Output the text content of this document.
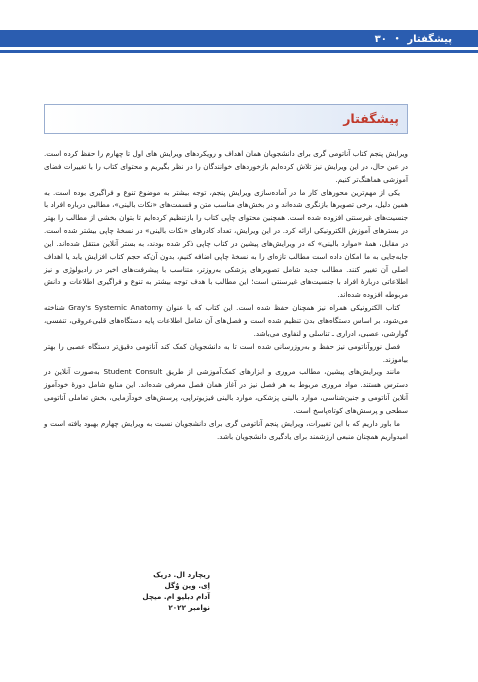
پیشگفتار
•
۳۰
پیشگفتار

ویرایش پنجم کتاب آناتومی گری برای دانشجویان همان اهداف و رویکردهای ویرایش های اول تا چهارم را حفظ کرده است. در عین حال، در این ویرایش نیز تلاش کرده‌ایم بازخوردهای خوانندگان را در نظر بگیریم و محتوای کتاب را با تغییرات فضای آموزشی هماهنگ‌تر کنیم.

یکی از مهم‌ترین محورهای کار ما در آماده‌سازی ویرایش پنجم، توجه بیشتر به موضوع تنوع و فراگیری بوده است. به همین دلیل، برخی تصویرها بازنگری شده‌اند و در بخش‌های مناسب متن و قسمت‌های «نکات بالینی»، مطالبی درباره افراد با جنسیت‌های غیرسنتی افزوده شده است. همچنین محتوای چاپی کتاب را بازتنظیم کرده‌ایم تا بتوان بخشی از مطالب را بهتر در بسترهای آموزش الکترونیکی ارائه کرد. در این ویرایش، تعداد کادرهای «نکات بالینی» در نسخهٔ چاپی بیشتر شده است. در مقابل، همهٔ «موارد بالینی» که در ویرایش‌های پیشین در کتاب چاپی ذکر شده بودند، به بستر آنلاین منتقل شده‌اند. این جابه‌جایی به ما امکان داده است مطالب تازه‌ای را به نسخهٔ چاپی اضافه کنیم، بدون آن‌که حجم کتاب افزایش یابد یا اهداف اصلی آن تغییر کنند. مطالب جدید شامل تصویرهای پزشکی به‌روزتر، متناسب با پیشرفت‌های اخیر در رادیولوژی و نیز اطلاعاتی دربارهٔ افراد با جنسیت‌های غیرسنتی است؛ این مطالب با هدف توجه بیشتر به تنوع و فراگیری اطلاعات و دانش مربوطه افزوده شده‌اند.

کتاب الکترونیکی همراه نیز همچنان حفظ شده است. این کتاب که با عنوان Gray's Systemic Anatomy شناخته می‌شود، بر اساس دستگاه‌های بدن تنظیم شده است و فصل‌های آن شامل اطلاعات پایه دستگاه‌های قلبی‌عروقی، تنفسی، گوارشی، عصبی، ادراری ـ تناسلی و لنفاوی می‌باشد.

فصل نوروآناتومی نیز حفظ و به‌روزرسانی شده است تا به دانشجویان کمک کند آناتومی دقیق‌تر دستگاه عصبی را بهتر بیاموزند.

مانند ویرایش‌های پیشین، مطالب مروری و ابزارهای کمک‌آموزشی از طریق Student Consult به‌صورت آنلاین در دسترس هستند. مواد مروری مربوط به هر فصل نیز در آغاز همان فصل معرفی شده‌اند. این منابع شامل دورهٔ خودآموز آنلاین آناتومی و جنین‌شناسی، موارد بالینی پزشکی، موارد بالینی فیزیوتراپی، پرسش‌های خودآزمایی، بخش تعاملی آناتومی سطحی و پرسش‌های کوتاه‌پاسخ است.

ما باور داریم که با این تغییرات، ویرایش پنجم آناتومی گری برای دانشجویان نسبت به ویرایش چهارم بهبود یافته است و امیدواریم همچنان منبعی ارزشمند برای یادگیری دانشجویان باشد.

ریچارد ال. دریک
اِی. وین وُگل
آدام دبلیو ام. میچل
نوامبر ۲۰۲۲
